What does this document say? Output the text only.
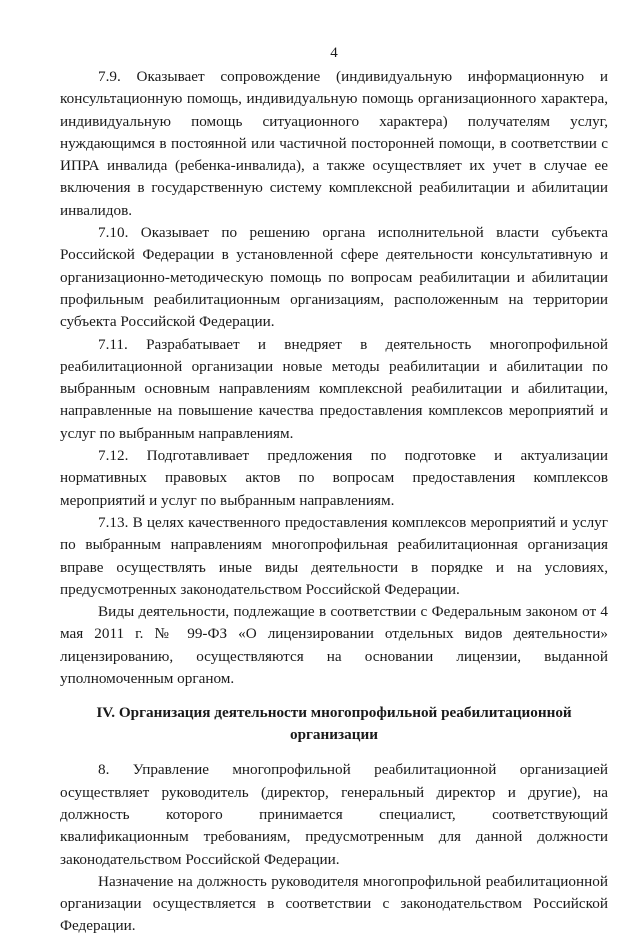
4

7.9. Оказывает сопровождение (индивидуальную информационную и консультационную помощь, индивидуальную помощь организационного характера, индивидуальную помощь ситуационного характера) получателям услуг, нуждающимся в постоянной или частичной посторонней помощи, в соответствии с ИПРА инвалида (ребенка-инвалида), а также осуществляет их учет в случае ее включения в государственную систему комплексной реабилитации и абилитации инвалидов.

7.10. Оказывает по решению органа исполнительной власти субъекта Российской Федерации в установленной сфере деятельности консультативную и организационно-методическую помощь по вопросам реабилитации и абилитации профильным реабилитационным организациям, расположенным на территории субъекта Российской Федерации.

7.11. Разрабатывает и внедряет в деятельность многопрофильной реабилитационной организации новые методы реабилитации и абилитации по выбранным основным направлениям комплексной реабилитации и абилитации, направленные на повышение качества предоставления комплексов мероприятий и услуг по выбранным направлениям.

7.12. Подготавливает предложения по подготовке и актуализации нормативных правовых актов по вопросам предоставления комплексов мероприятий и услуг по выбранным направлениям.

7.13. В целях качественного предоставления комплексов мероприятий и услуг по выбранным направлениям многопрофильная реабилитационная организация вправе осуществлять иные виды деятельности в порядке и на условиях, предусмотренных законодательством Российской Федерации.

Виды деятельности, подлежащие в соответствии с Федеральным законом от 4 мая 2011 г. № 99-ФЗ «О лицензировании отдельных видов деятельности» лицензированию, осуществляются на основании лицензии, выданной уполномоченным органом.

IV. Организация деятельности многопрофильной реабилитационной организации

8. Управление многопрофильной реабилитационной организацией осуществляет руководитель (директор, генеральный директор и другие), на должность которого принимается специалист, соответствующий квалификационным требованиям, предусмотренным для данной должности законодательством Российской Федерации.

Назначение на должность руководителя многопрофильной реабилитационной организации осуществляется в соответствии с законодательством Российской Федерации.
